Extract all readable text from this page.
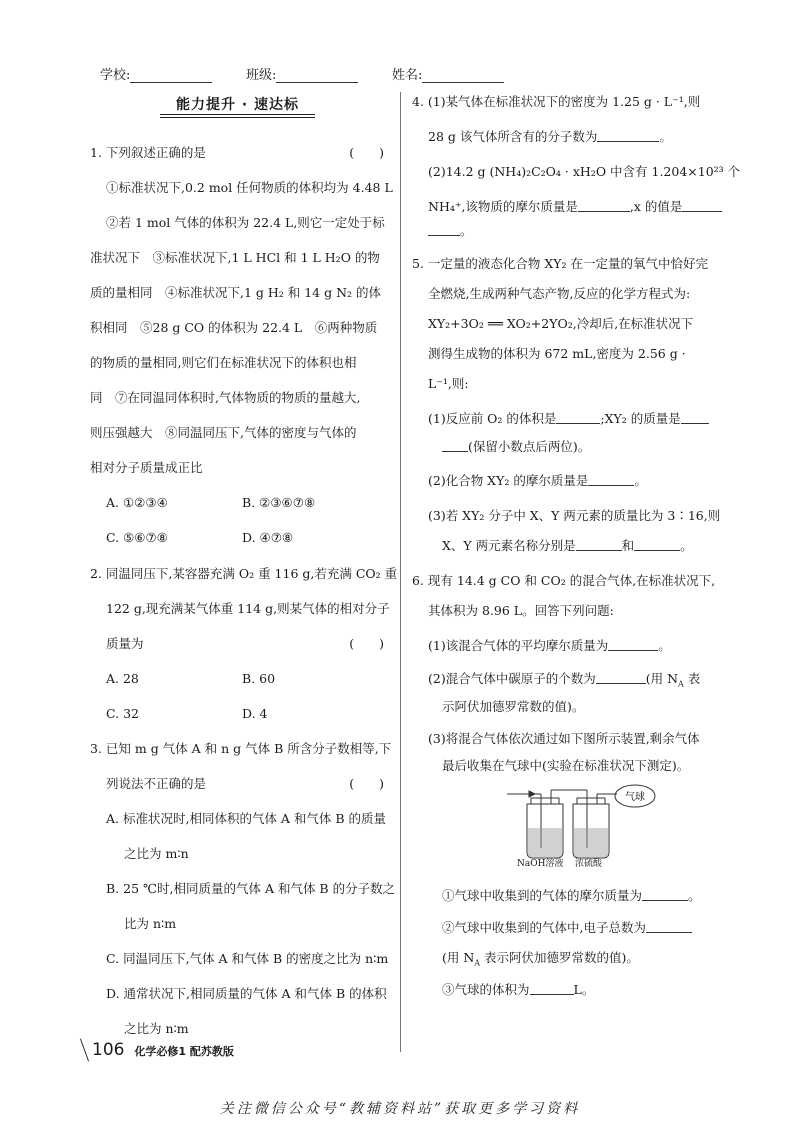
学校:	班级:	姓名:
能力提升 · 速达标

1. 下列叙述正确的是	(　　)

①标准状况下,0.2 mol 任何物质的体积均为 4.48 L

②若 1 mol 气体的体积为 22.4 L,则它一定处于标

准状况下　③标准状况下,1 L HCl 和 1 L H₂O 的物

质的量相同　④标准状况下,1 g H₂ 和 14 g N₂ 的体

积相同　⑤28 g CO 的体积为 22.4 L　⑥两种物质

的物质的量相同,则它们在标准状况下的体积也相

同　⑦在同温同体积时,气体物质的物质的量越大,

则压强越大　⑧同温同压下,气体的密度与气体的

相对分子质量成正比

A. ①②③④	B. ②③⑥⑦⑧

C. ⑤⑥⑦⑧	D. ④⑦⑧

2. 同温同压下,某容器充满 O₂ 重 116 g,若充满 CO₂ 重

122 g,现充满某气体重 114 g,则某气体的相对分子

质量为	(　　)

A. 28	B. 60

C. 32	D. 4

3. 已知 m g 气体 A 和 n g 气体 B 所含分子数相等,下

列说法不正确的是	(　　)

A. 标准状况时,相同体积的气体 A 和气体 B 的质量

之比为 m∶n

B. 25 ℃时,相同质量的气体 A 和气体 B 的分子数之

比为 n∶m

C. 同温同压下,气体 A 和气体 B 的密度之比为 n∶m

D. 通常状况下,相同质量的气体 A 和气体 B 的体积

之比为 n∶m

4. (1)某气体在标准状况下的密度为 1.25 g · L⁻¹,则

28 g 该气体所含有的分子数为	。

(2)14.2 g (NH₄)₂C₂O₄ · xH₂O 中含有 1.204×10²³ 个

NH₄⁺,该物质的摩尔质量是	,x 的值是

。

5. 一定量的液态化合物 XY₂ 在一定量的氧气中恰好完

全燃烧,生成两种气态产物,反应的化学方程式为:

XY₂+3O₂ ══ XO₂+2YO₂,冷却后,在标准状况下

测得生成物的体积为 672 mL,密度为 2.56 g ·

L⁻¹,则:

(1)反应前 O₂ 的体积是	;XY₂ 的质量是

(保留小数点后两位)。

(2)化合物 XY₂ 的摩尔质量是	。

(3)若 XY₂ 分子中 X、Y 两元素的质量比为 3∶16,则

X、Y 两元素名称分别是	和	。

6. 现有 14.4 g CO 和 CO₂ 的混合气体,在标准状况下,

其体积为 8.96 L。回答下列问题:

(1)该混合气体的平均摩尔质量为	。

(2)混合气体中碳原子的个数为	(用 $N_A$ 表

示阿伏加德罗常数的值)。

(3)将混合气体依次通过如下图所示装置,剩余气体

最后收集在气球中(实验在标准状况下测定)。

①气球中收集到的气体的摩尔质量为	。

②气球中收集到的气体中,电子总数为

(用 $N_A$ 表示阿伏加德罗常数的值)。

③气球的体积为	L。

气球
NaOH溶液 浓硫酸
106 化学必修1 配苏教版
关注微信公众号“教辅资料站”获取更多学习资料
